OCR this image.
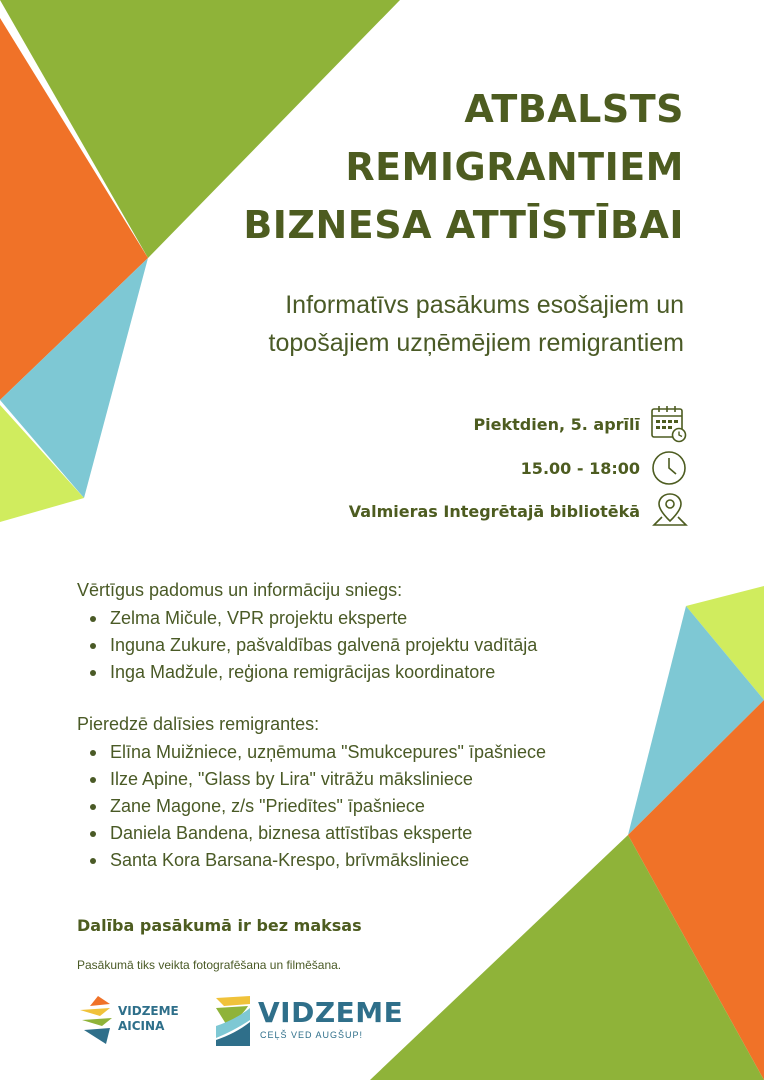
ATBALSTS
REMIGRANTIEM
BIZNESA ATTĪSTĪBAI
Informatīvs pasākums esošajiem un
topošajiem uzņēmējiem remigrantiem
Piektdien, 5. aprīlī
15.00 - 18:00
Valmieras Integrētajā bibliotēkā
Vērtīgus padomus un informāciju sniegs:
Zelma Mičule, VPR projektu eksperte
Inguna Zukure, pašvaldības galvenā projektu vadītāja
Inga Madžule, reģiona remigrācijas koordinatore
Pieredzē dalīsies remigrantes:
Elīna Muižniece, uzņēmuma "Smukcepures" īpašniece
Ilze Apine, "Glass by Lira" vitrāžu māksliniece
Zane Magone, z/s "Priedītes" īpašniece
Daniela Bandena, biznesa attīstības eksperte
Santa Kora Barsana-Krespo, brīvmāksliniece
Dalība pasākumā ir bez maksas
Pasākumā tiks veikta fotografēšana un filmēšana.
VIDZEME
AICINA	VIDZEME
CEĻŠ VED AUGŠUP!
